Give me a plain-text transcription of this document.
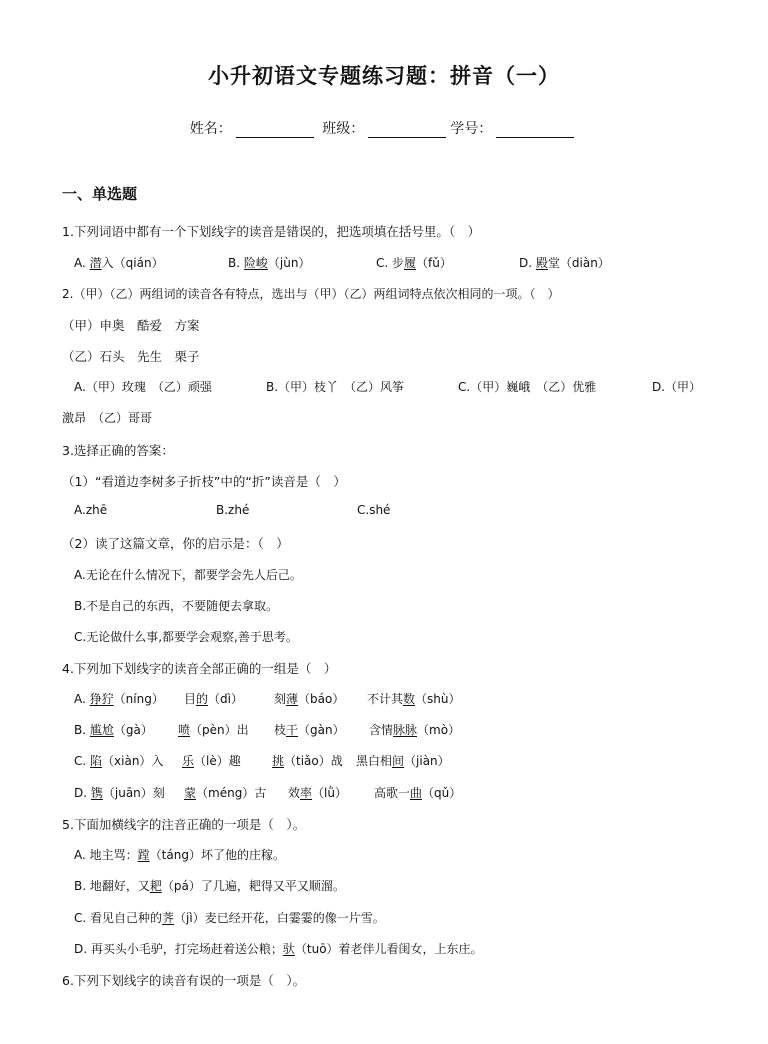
小升初语文专题练习题：拼音（一）
姓名：	班级：	学号：
一、单选题
1.下列词语中都有一个下划线字的读音是错误的，把选项填在括号里。（　）
A. 潜入（qián）	B. 险峻（jùn）	C. 步履（fǔ）	D. 殿堂（diàn）
2.（甲）（乙）两组词的读音各有特点，选出与（甲）（乙）两组词特点依次相同的一项。（　）
（甲）申奥　酷爱　方案
（乙）石头　先生　栗子
A.（甲）玫瑰　（乙）顽强	B.（甲）枝丫　（乙）风筝	C.（甲）巍峨　（乙）优雅	D.（甲）
激昂　（乙）哥哥
3.选择正确的答案：
（1）“看道边李树多子折枝”中的“折”读音是（　）
A.zhē	B.zhé	C.shé
（2）读了这篇文章，你的启示是：（　）
A.无论在什么情况下，都要学会先人后己。
B.不是自己的东西，不要随便去拿取。
C.无论做什么事,都要学会观察,善于思考。
4.下列加下划线字的读音全部正确的一组是（　）
A. 狰狞（níng） 目的（dì）	刻薄（báo） 不计其数（shù）
B. 尴尬（gà） 喷（pèn）出 枝干（gàn） 含情脉脉（mò）
C. 陷（xiàn）入 乐（lè）趣	挑（tiǎo）战 黑白相间（jiàn）
D. 镌（juān）刻 蒙（méng）古 效率（lǜ） 高歌一曲（qǔ）
5.下面加横线字的注音正确的一项是（　）。
A. 地主骂：蹚（táng）坏了他的庄稼。
B. 地翻好，又耙（pá）了几遍，耙得又平又顺溜。
C. 看见自己种的荠（jì）麦已经开花，白霎霎的像一片雪。
D. 再买头小毛驴，打完场赶着送公粮；驮（tuō）着老伴儿看闺女，上东庄。
6.下列下划线字的读音有误的一项是（　）。
